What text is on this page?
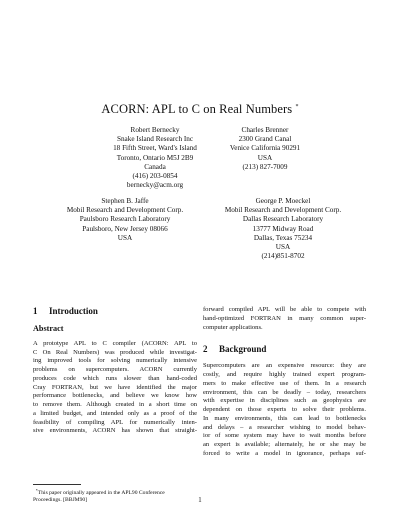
ACORN: APL to C on Real Numbers *
Robert Bernecky
Snake Island Research Inc
18 Fifth Street, Ward's Island
Toronto, Ontario M5J 2B9
Canada
(416) 203-0854
bernecky@acm.org
Charles Brenner
2300 Grand Canal
Venice California 90291
USA
(213) 827-7009
Stephen B. Jaffe
Mobil Research and Development Corp.
Paulsboro Research Laboratory
Paulsboro, New Jersey 08066
USA
George P. Moeckel
Mobil Research and Development Corp.
Dallas Research Laboratory
13777 Midway Road
Dallas, Texas 75234
USA
(214)851-8702
1 Introduction
Abstract
A prototype APL to C compiler (ACORN: APL to
C On Real Numbers) was produced while investigat-
ing improved tools for solving numerically intensive
problems on supercomputers. ACORN currently
produces code which runs slower than hand-coded
Cray FORTRAN, but we have identified the major
performance bottlenecks, and believe we know how
to remove them. Although created in a short time on
a limited budget, and intended only as a proof of the
feasibility of compiling APL for numerically inten-
sive environments, ACORN has shown that straight-
forward compiled APL will be able to compete with
hand-optimized FORTRAN in many common super-
computer applications.
2 Background
Supercomputers are an expensive resource: they are
costly, and require highly trained expert program-
mers to make effective use of them. In a research
environment, this can be deadly – today, researchers
with expertise in disciplines such as geophysics are
dependent on those experts to solve their problems.
In many environments, this can lead to bottlenecks
and delays – a researcher wishing to model behav-
ior of some system may have to wait months before
an expert is available; alternately, he or she may be
forced to write a model in ignorance, perhaps suf-
*This paper originally appeared in the APL90 Conference
Proceedings. [BBJM90]	1
